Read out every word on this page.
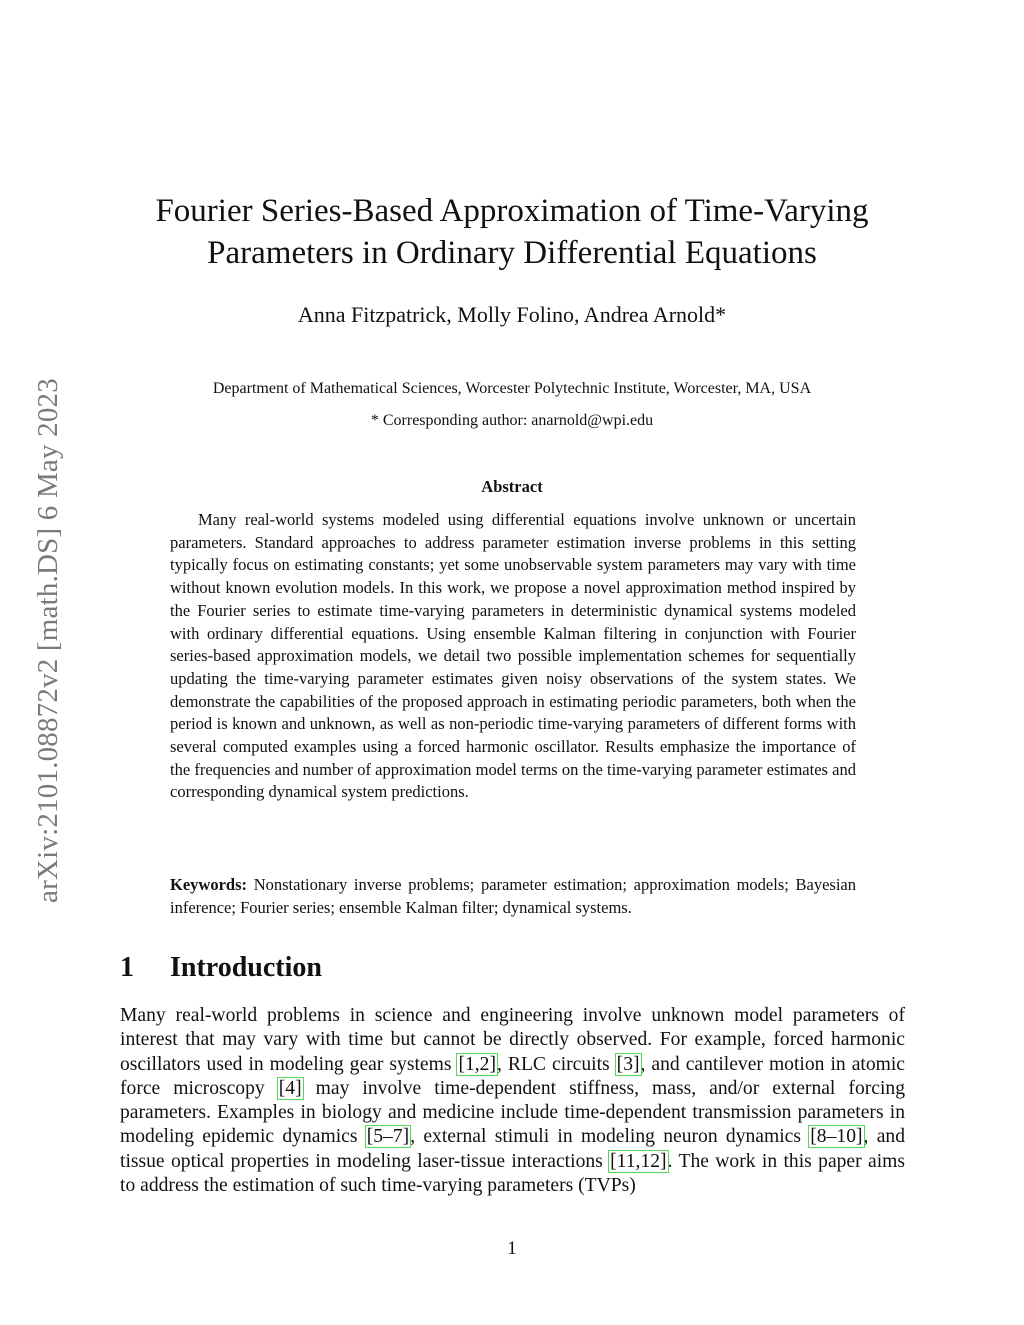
arXiv:2101.08872v2 [math.DS] 6 May 2023
Fourier Series-Based Approximation of Time-Varying
Parameters in Ordinary Differential Equations
Anna Fitzpatrick, Molly Folino, Andrea Arnold*
Department of Mathematical Sciences, Worcester Polytechnic Institute, Worcester, MA, USA
* Corresponding author: anarnold@wpi.edu
Abstract
Many real-world systems modeled using differential equations involve unknown or uncertain parameters. Standard approaches to address parameter estimation inverse problems in this setting typically focus on estimating constants; yet some unobservable system parameters may vary with time without known evolution models. In this work, we propose a novel approximation method inspired by the Fourier series to estimate time-varying parameters in deterministic dynamical systems modeled with ordinary differential equations. Using ensemble Kalman filtering in conjunction with Fourier series-based approximation models, we detail two possible implementation schemes for sequentially updating the time-varying parameter estimates given noisy observations of the system states. We demonstrate the capabilities of the proposed approach in estimating periodic parameters, both when the period is known and unknown, as well as non-periodic time-varying parameters of different forms with several computed examples using a forced harmonic oscillator. Results emphasize the importance of the frequencies and number of approximation model terms on the time-varying parameter estimates and corresponding dynamical system predictions.
Keywords: Nonstationary inverse problems; parameter estimation; approximation models; Bayesian inference; Fourier series; ensemble Kalman filter; dynamical systems.
1 Introduction
Many real-world problems in science and engineering involve unknown model parameters of interest that may vary with time but cannot be directly observed. For example, forced harmonic oscillators used in modeling gear systems [1,2], RLC circuits [3], and cantilever motion in atomic force microscopy [4] may involve time-dependent stiffness, mass, and/or external forcing parameters. Examples in biology and medicine include time-dependent transmission parameters in modeling epidemic dynamics [5–7], external stimuli in modeling neuron dynamics [8–10], and tissue optical properties in modeling laser-tissue interactions [11,12]. The work in this paper aims to address the estimation of such time-varying parameters (TVPs)
1
